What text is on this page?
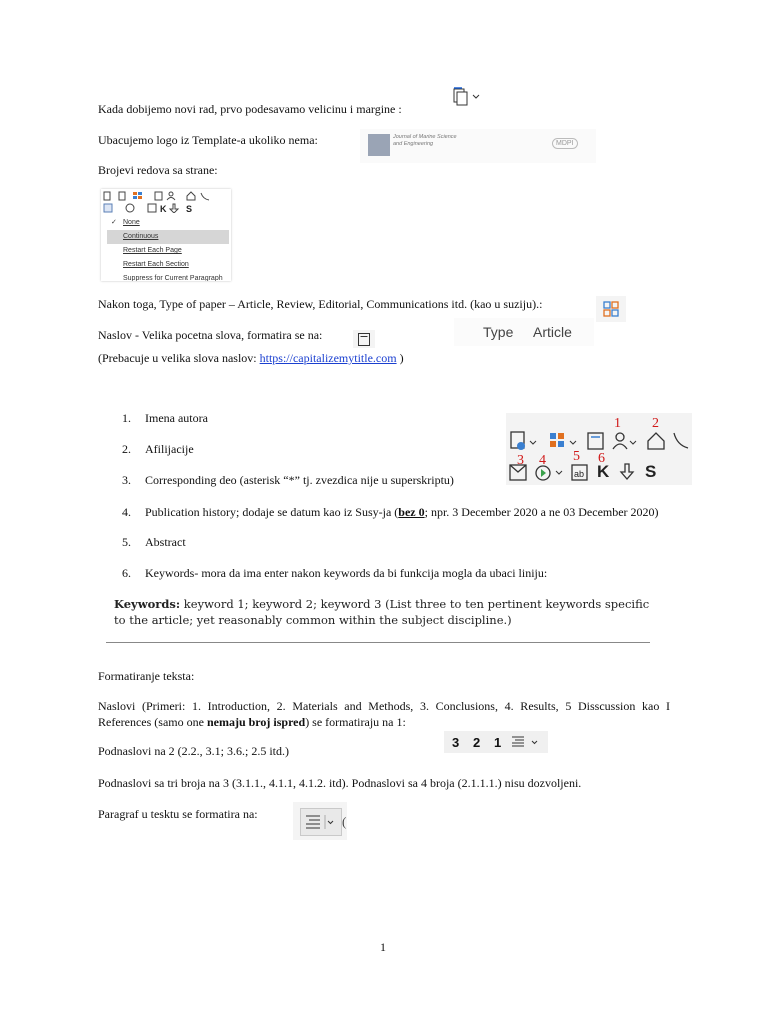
Kada dobijemo novi rad, prvo podesavamo velicinu i margine :
Ubacujemo logo iz Template-a ukoliko nema:	Journal of Marine Science and Engineering	MDPI
Brojevi redova sa strane:
K S
✓ None
Continuous
Restart Each Page
Restart Each Section
Suppress for Current Paragraph
Nakon toga, Type of paper – Article, Review, Editorial, Communications itd. (kao u suziju).:
Naslov - Velika pocetna slova, formatira se na:	Type Article
(Prebacuje u velika slova naslov: https://capitalizemytitle.com )
1. Imena autora
2. Afilijacije
3. Corresponding deo (asterisk “*” tj. zvezdica nije u superskriptu)
4. Publication history; dodaje se datum kao iz Susy-ja (bez 0; npr. 3 December 2020 a ne 03 December 2020)
5. Abstract
6. Keywords- mora da ima enter nakon keywords da bi funkcija mogla da ubaci liniju:
ab K S
1 2
3 4 5 6
Keywords: keyword 1; keyword 2; keyword 3 (List three to ten pertinent keywords specific to the article; yet reasonably common within the subject discipline.)
Formatiranje teksta:
Naslovi (Primeri: 1. Introduction, 2. Materials and Methods, 3. Conclusions, 4. Results, 5 Disscussion kao I References (samo one nemaju broj ispred) se formatiraju na 1:
Podnaslovi na 2 (2.2., 3.1; 3.6.; 2.5 itd.)
3 2 1
Podnaslovi sa tri broja na 3 (3.1.1., 4.1.1, 4.1.2. itd). Podnaslovi sa 4 broja (2.1.1.1.) nisu dozvoljeni.
Paragraf u tesktu se formatira na:	(
1
